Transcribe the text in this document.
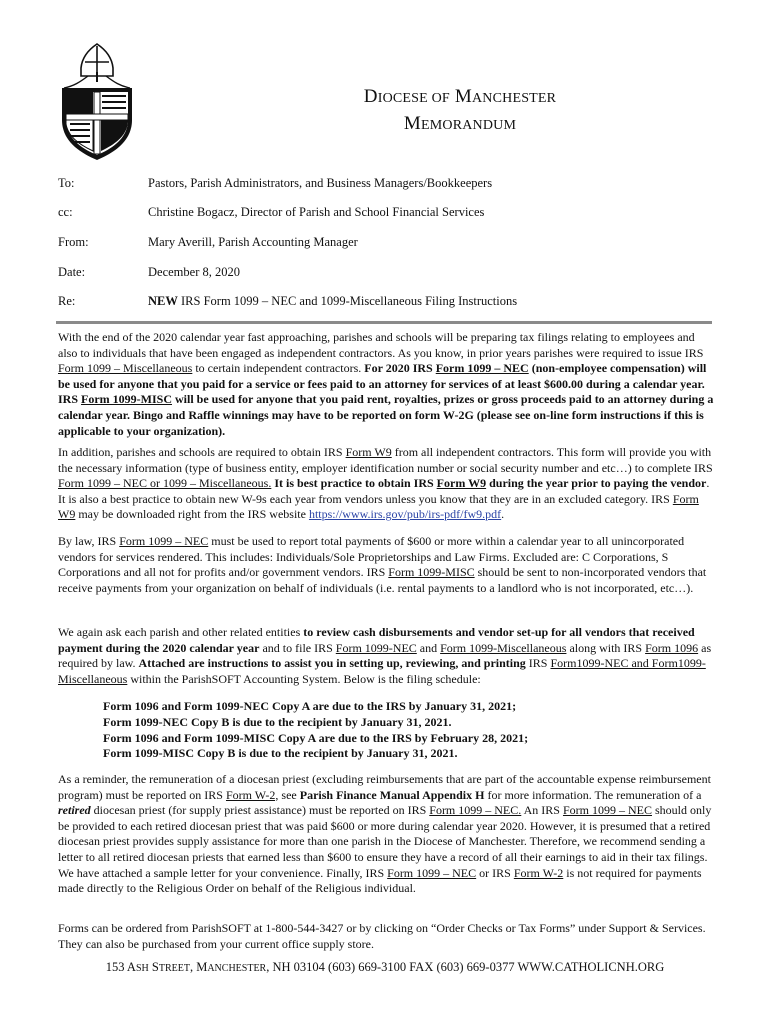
DIOCESE OF MANCHESTER
MEMORANDUM
To:	Pastors, Parish Administrators, and Business Managers/Bookkeepers
cc:	Christine Bogacz, Director of Parish and School Financial Services
From:	Mary Averill, Parish Accounting Manager
Date:	December 8, 2020
Re:	NEW IRS Form 1099 – NEC and 1099-Miscellaneous Filing Instructions

With the end of the 2020 calendar year fast approaching, parishes and schools will be preparing tax filings relating to employees and also to individuals that have been engaged as independent contractors. As you know, in prior years parishes were required to issue IRS Form 1099 – Miscellaneous to certain independent contractors. For 2020 IRS Form 1099 – NEC (non-employee compensation) will be used for anyone that you paid for a service or fees paid to an attorney for services of at least $600.00 during a calendar year. IRS Form 1099-MISC will be used for anyone that you paid rent, royalties, prizes or gross proceeds paid to an attorney during a calendar year. Bingo and Raffle winnings may have to be reported on form W-2G (please see on-line form instructions if this is applicable to your organization).

In addition, parishes and schools are required to obtain IRS Form W9 from all independent contractors. This form will provide you with the necessary information (type of business entity, employer identification number or social security number and etc…) to complete IRS Form 1099 – NEC or 1099 – Miscellaneous. It is best practice to obtain IRS Form W9 during the year prior to paying the vendor. It is also a best practice to obtain new W-9s each year from vendors unless you know that they are in an excluded category. IRS Form W9 may be downloaded right from the IRS website https://www.irs.gov/pub/irs-pdf/fw9.pdf.

By law, IRS Form 1099 – NEC must be used to report total payments of $600 or more within a calendar year to all unincorporated vendors for services rendered. This includes: Individuals/Sole Proprietorships and Law Firms. Excluded are: C Corporations, S Corporations and all not for profits and/or government vendors. IRS Form 1099-MISC should be sent to non-incorporated vendors that receive payments from your organization on behalf of individuals (i.e. rental payments to a landlord who is not incorporated, etc…).

We again ask each parish and other related entities to review cash disbursements and vendor set-up for all vendors that received payment during the 2020 calendar year and to file IRS Form 1099-NEC and Form 1099-Miscellaneous along with IRS Form 1096 as required by law. Attached are instructions to assist you in setting up, reviewing, and printing IRS Form1099-NEC and Form1099-Miscellaneous within the ParishSOFT Accounting System. Below is the filing schedule:

Form 1096 and Form 1099-NEC Copy A are due to the IRS by January 31, 2021;
Form 1099-NEC Copy B is due to the recipient by January 31, 2021.
Form 1096 and Form 1099-MISC Copy A are due to the IRS by February 28, 2021;
Form 1099-MISC Copy B is due to the recipient by January 31, 2021.

As a reminder, the remuneration of a diocesan priest (excluding reimbursements that are part of the accountable expense reimbursement program) must be reported on IRS Form W-2, see Parish Finance Manual Appendix H for more information. The remuneration of a retired diocesan priest (for supply priest assistance) must be reported on IRS Form 1099 – NEC. An IRS Form 1099 – NEC should only be provided to each retired diocesan priest that was paid $600 or more during calendar year 2020. However, it is presumed that a retired diocesan priest provides supply assistance for more than one parish in the Diocese of Manchester. Therefore, we recommend sending a letter to all retired diocesan priests that earned less than $600 to ensure they have a record of all their earnings to aid in their tax filings. We have attached a sample letter for your convenience. Finally, IRS Form 1099 – NEC or IRS Form W-2 is not required for payments made directly to the Religious Order on behalf of the Religious individual.

Forms can be ordered from ParishSOFT at 1-800-544-3427 or by clicking on “Order Checks or Tax Forms” under Support & Services. They can also be purchased from your current office supply store.

153 ASH STREET, MANCHESTER, NH 03104 (603) 669-3100 FAX (603) 669-0377 WWW.CATHOLICNH.ORG
